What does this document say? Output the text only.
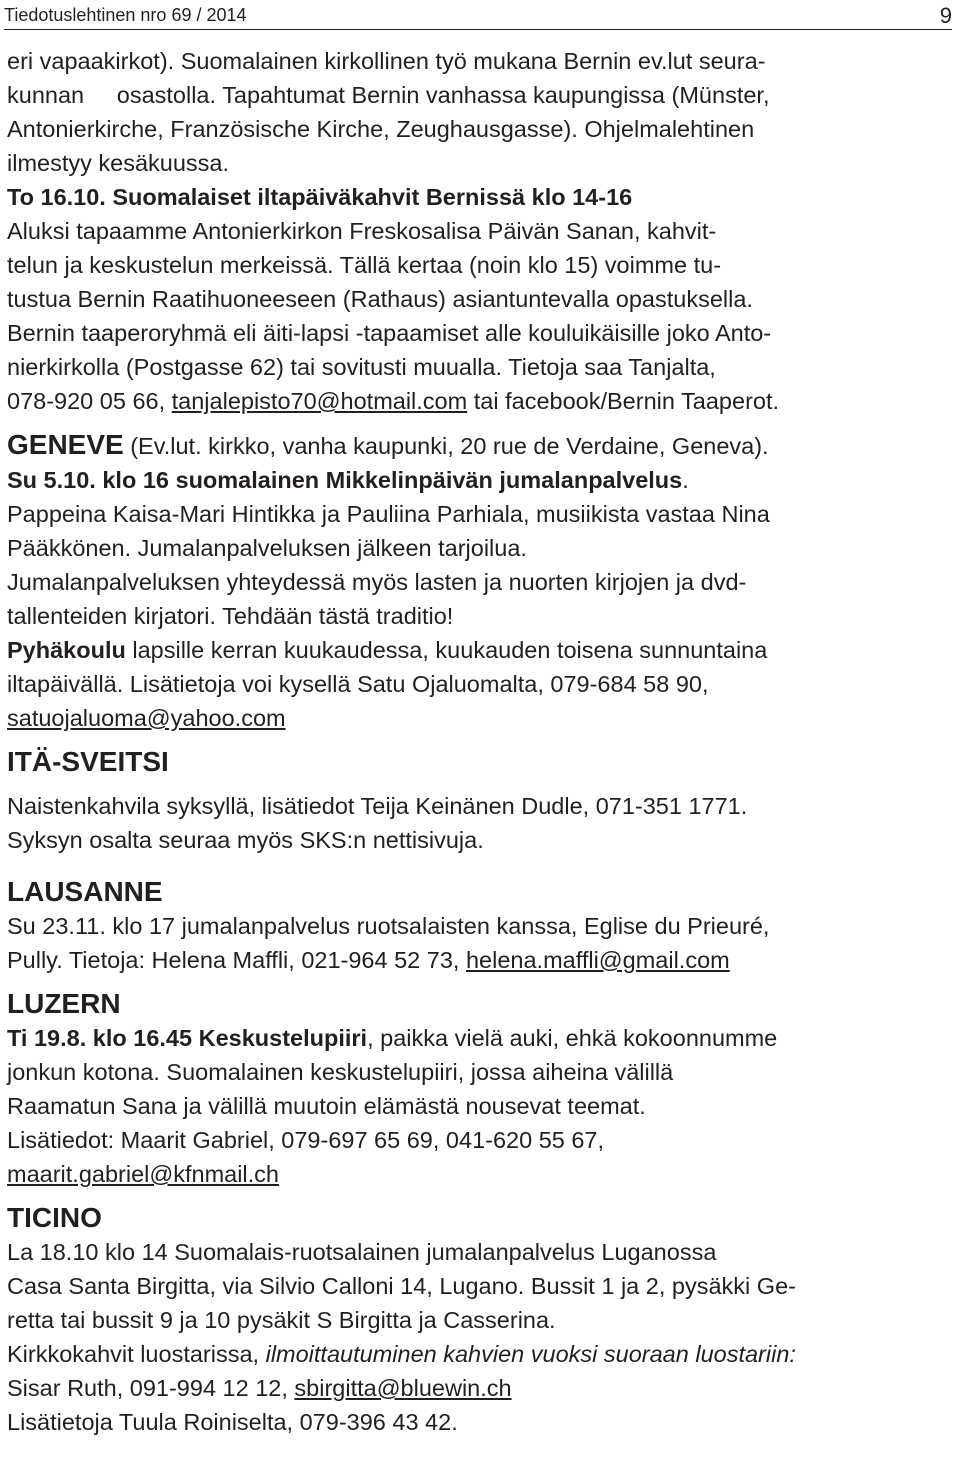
Tiedotuslehtinen nro 69 / 2014	9

eri vapaakirkot). Suomalainen kirkollinen työ mukana Bernin ev.lut seura-

kunnan     osastolla. Tapahtumat Bernin vanhassa kaupungissa (Münster,

Antonierkirche, Französische Kirche, Zeughausgasse). Ohjelmalehtinen

ilmestyy kesäkuussa.

To 16.10. Suomalaiset iltapäiväkahvit Bernissä klo 14-16

Aluksi tapaamme Antonierkirkon Freskosalisa Päivän Sanan, kahvit-

telun ja keskustelun merkeissä. Tällä kertaa (noin klo 15) voimme tu-

tustua Bernin Raatihuoneeseen (Rathaus) asiantuntevalla opastuksella.

Bernin taaperoryhmä eli äiti-lapsi -tapaamiset alle kouluikäisille joko Anto-

nierkirkolla (Postgasse 62) tai sovitusti muualla. Tietoja saa Tanjalta,

078-920 05 66, tanjalepisto70@hotmail.com tai facebook/Bernin Taaperot.

GENEVE (Ev.lut. kirkko, vanha kaupunki, 20 rue de Verdaine, Geneva).

Su 5.10. klo 16 suomalainen Mikkelinpäivän jumalanpalvelus.

Pappeina Kaisa-Mari Hintikka ja Pauliina Parhiala, musiikista vastaa Nina

Pääkkönen. Jumalanpalveluksen jälkeen tarjoilua.

Jumalanpalveluksen yhteydessä myös lasten ja nuorten kirjojen ja dvd-

tallenteiden kirjatori. Tehdään tästä traditio!

Pyhäkoulu lapsille kerran kuukaudessa, kuukauden toisena sunnuntaina

iltapäivällä. Lisätietoja voi kysellä Satu Ojaluomalta, 079-684 58 90,

satuojaluoma@yahoo.com

ITÄ-SVEITSI

Naistenkahvila syksyllä, lisätiedot Teija Keinänen Dudle, 071-351 1771.

Syksyn osalta seuraa myös SKS:n nettisivuja.

LAUSANNE

Su 23.11. klo 17 jumalanpalvelus ruotsalaisten kanssa, Eglise du Prieuré,

Pully. Tietoja: Helena Maffli, 021-964 52 73, helena.maffli@gmail.com

LUZERN

Ti 19.8. klo 16.45 Keskustelupiiri, paikka vielä auki, ehkä kokoonnumme

jonkun kotona. Suomalainen keskustelupiiri, jossa aiheina välillä

Raamatun Sana ja välillä muutoin elämästä nousevat teemat.

Lisätiedot: Maarit Gabriel, 079-697 65 69, 041-620 55 67,

maarit.gabriel@kfnmail.ch

TICINO

La 18.10 klo 14 Suomalais-ruotsalainen jumalanpalvelus Luganossa

Casa Santa Birgitta, via Silvio Calloni 14, Lugano. Bussit 1 ja 2, pysäkki Ge-

retta tai bussit 9 ja 10 pysäkit S Birgitta ja Casserina.

Kirkkokahvit luostarissa, ilmoittautuminen kahvien vuoksi suoraan luostariin:

Sisar Ruth, 091-994 12 12, sbirgitta@bluewin.ch

Lisätietoja Tuula Roiniselta, 079-396 43 42.
